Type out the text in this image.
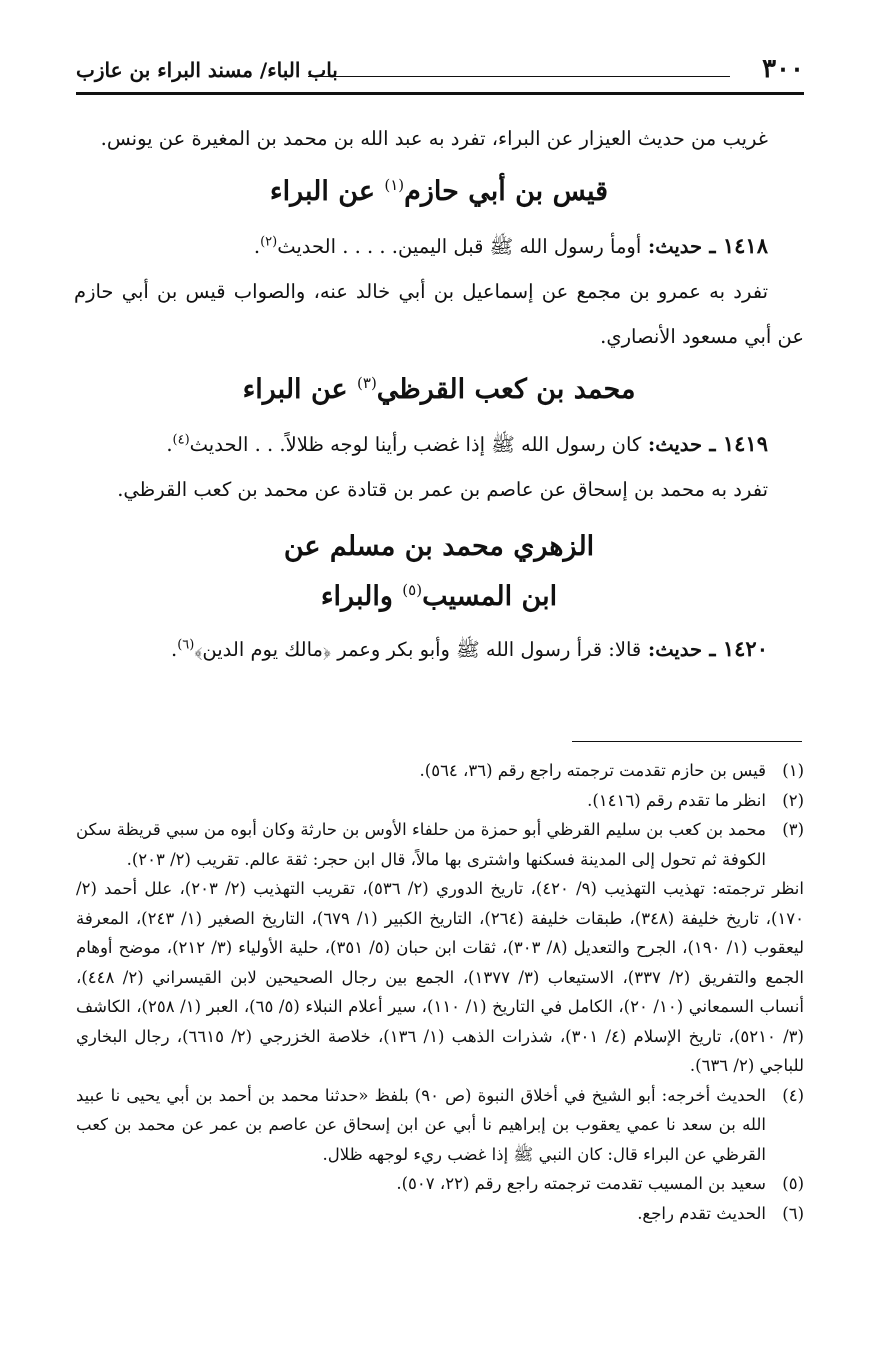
٣٠٠
باب الباء/ مسند البراء بن عازب

غريب من حديث العيزار عن البراء، تفرد به عبد الله بن محمد بن المغيرة عن يونس.

قيس بن أبي حازم$^{(١)}$ عن البراء

١٤١٨ ـ حديث: أومأ رسول الله ﷺ قبل اليمين. . . . . الحديث$^{(٢)}$.

تفرد به عمرو بن مجمع عن إسماعيل بن أبي خالد عنه، والصواب قيس بن أبي حازم عن أبي مسعود الأنصاري.

محمد بن كعب القرظي$^{(٣)}$ عن البراء

١٤١٩ ـ حديث: كان رسول الله ﷺ إذا غضب رأينا لوجه ظلالاً. . . الحديث$^{(٤)}$.

تفرد به محمد بن إسحاق عن عاصم بن عمر بن قتادة عن محمد بن كعب القرظي.

الزهري محمد بن مسلم عن
ابن المسيب$^{(٥)}$ والبراء

١٤٢٠ ـ حديث: قالا: قرأ رسول الله ﷺ وأبو بكر وعمر ﴿مالك يوم الدين﴾$^{(٦)}$.

(١)

قيس بن حازم تقدمت ترجمته راجع رقم (٣٦، ٥٦٤).

(٢)

انظر ما تقدم رقم (١٤١٦).

(٣)

محمد بن كعب بن سليم القرظي أبو حمزة من حلفاء الأوس بن حارثة وكان أبوه من سبي قريظة سكن الكوفة ثم تحول إلى المدينة فسكنها واشترى بها مالاً، قال ابن حجر: ثقة عالم. تقريب (٢/ ٢٠٣).

انظر ترجمته: تهذيب التهذيب (٩/ ٤٢٠)، تاريخ الدوري (٢/ ٥٣٦)، تقريب التهذيب (٢/ ٢٠٣)، علل أحمد (٢/ ١٧٠)، تاريخ خليفة (٣٤٨)، طبقات خليفة (٢٦٤)، التاريخ الكبير (١/ ٦٧٩)، التاريخ الصغير (١/ ٢٤٣)، المعرفة ليعقوب (١/ ١٩٠)، الجرح والتعديل (٨/ ٣٠٣)، ثقات ابن حبان (٥/ ٣٥١)، حلية الأولياء (٣/ ٢١٢)، موضح أوهام الجمع والتفريق (٢/ ٣٣٧)، الاستيعاب (٣/ ١٣٧٧)، الجمع بين رجال الصحيحين لابن القيسراني (٢/ ٤٤٨)، أنساب السمعاني (١٠/ ٢٠)، الكامل في التاريخ (١/ ١١٠)، سير أعلام النبلاء (٥/ ٦٥)، العبر (١/ ٢٥٨)، الكاشف (٣/ ٥٢١٠)، تاريخ الإسلام (٤/ ٣٠١)، شذرات الذهب (١/ ١٣٦)، خلاصة الخزرجي (٢/ ٦٦١٥)، رجال البخاري للباجي (٢/ ٦٣٦).

(٤)

الحديث أخرجه: أبو الشيخ في أخلاق النبوة (ص ٩٠) بلفظ «حدثنا محمد بن أحمد بن أبي يحيى نا عبيد الله بن سعد نا عمي يعقوب بن إبراهيم نا أبي عن ابن إسحاق عن عاصم بن عمر عن محمد بن كعب القرظي عن البراء قال: كان النبي ﷺ إذا غضب ريء لوجهه ظلال.

(٥)

سعيد بن المسيب تقدمت ترجمته راجع رقم (٢٢، ٥٠٧).

(٦)

الحديث تقدم راجع.
